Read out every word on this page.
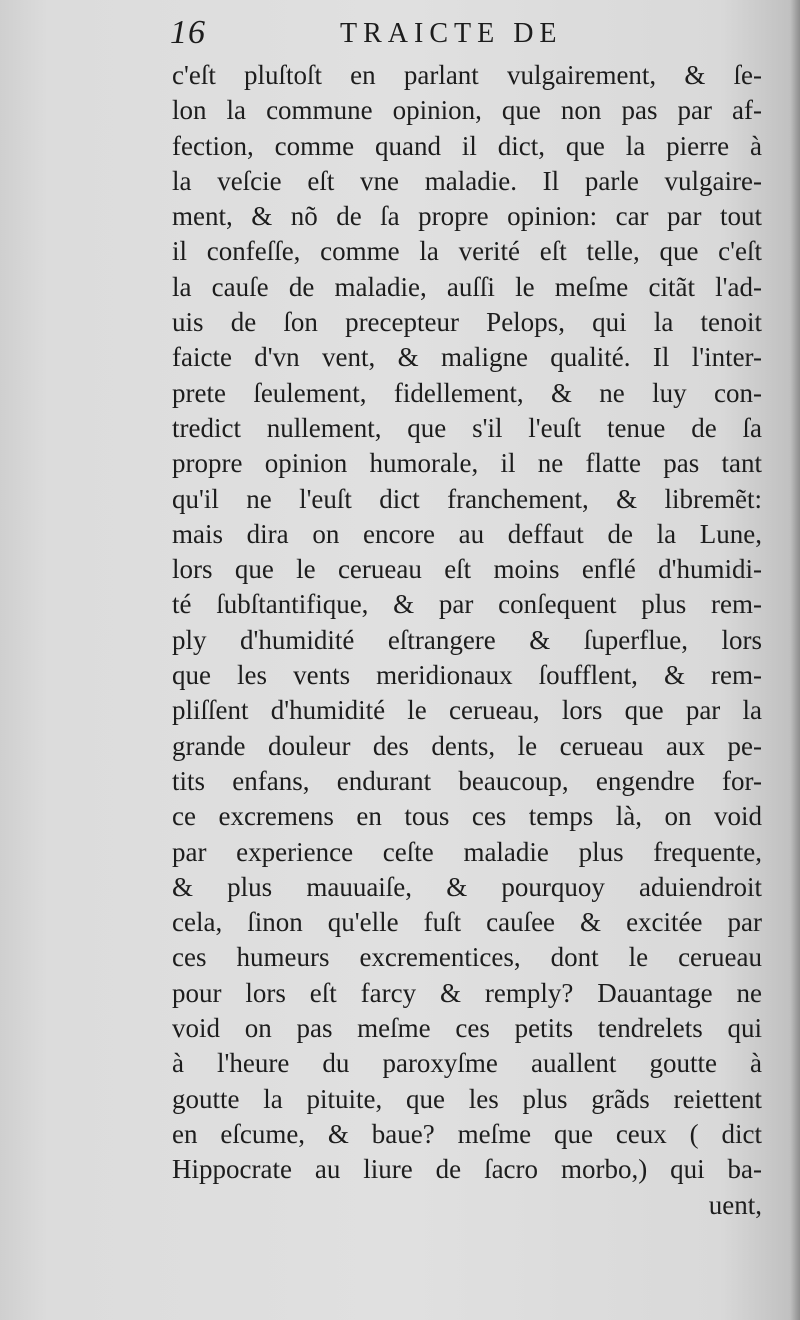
16	TRAICTE DE
c'eſt pluſtoſt en parlant vulgairement, & ſe-
lon la commune opinion, que non pas par af-
fection, comme quand il dict, que la pierre à
la veſcie eſt vne maladie. Il parle vulgaire-
ment, & nõ de ſa propre opinion: car par tout
il confeſſe, comme la verité eſt telle, que c'eſt
la cauſe de maladie, auſſi le meſme citãt l'ad-
uis de ſon precepteur Pelops, qui la tenoit
faicte d'vn vent, & maligne qualité. Il l'inter-
prete ſeulement, fidellement, & ne luy con-
tredict nullement, que s'il l'euſt tenue de ſa
propre opinion humorale, il ne flatte pas tant
qu'il ne l'euſt dict franchement, & libremẽt:
mais dira on encore au deffaut de la Lune,
lors que le cerueau eſt moins enflé d'humidi-
té ſubſtantifique, & par conſequent plus rem-
ply d'humidité eſtrangere & ſuperflue, lors
que les vents meridionaux ſoufflent, & rem-
pliſſent d'humidité le cerueau, lors que par la
grande douleur des dents, le cerueau aux pe-
tits enfans, endurant beaucoup, engendre for-
ce excremens en tous ces temps là, on void
par experience ceſte maladie plus frequente,
& plus mauuaiſe, & pourquoy aduiendroit
cela, ſinon qu'elle fuſt cauſee & excitée par
ces humeurs excrementices, dont le cerueau
pour lors eſt farcy & remply? Dauantage ne
void on pas meſme ces petits tendrelets qui
à l'heure du paroxyſme auallent goutte à
goutte la pituite, que les plus grãds reiettent
en eſcume, & baue? meſme que ceux ( dict
Hippocrate au liure de ſacro morbo,) qui ba-
uent,
